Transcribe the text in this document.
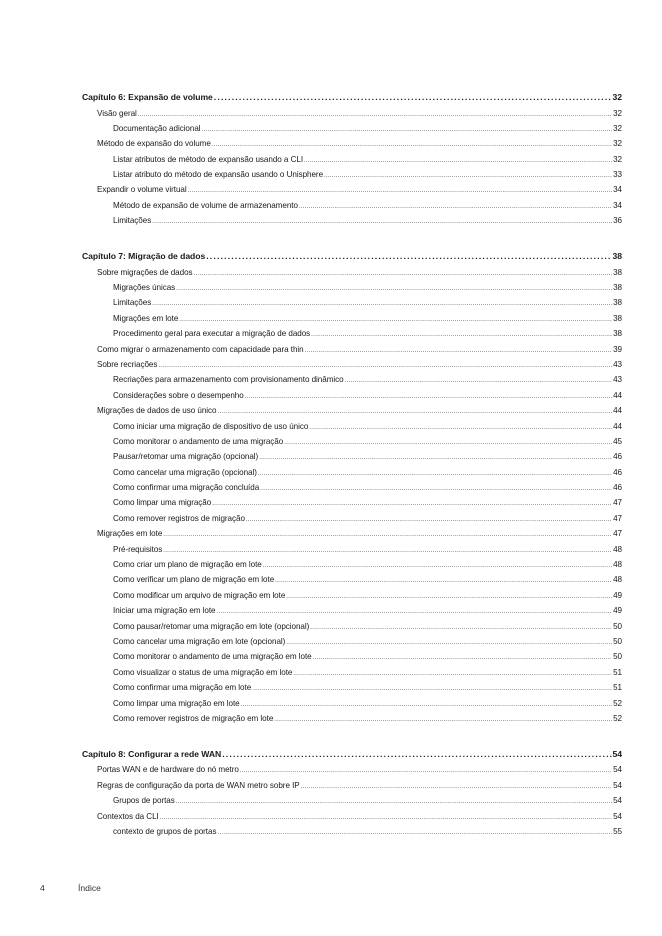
Capítulo 6: Expansão de volume .....	32
Visão geral .....	32
Documentação adicional .....	32
Método de expansão do volume .....	32
Listar atributos de método de expansão usando a CLI .....	32
Listar atributo do método de expansão usando o Unisphere .....	33
Expandir o volume virtual .....	34
Método de expansão de volume de armazenamento .....	34
Limitações .....	36
Capítulo 7: Migração de dados .....	38
Sobre migrações de dados .....	38
Migrações únicas .....	38
Limitações .....	38
Migrações em lote .....	38
Procedimento geral para executar a migração de dados .....	38
Como migrar o armazenamento com capacidade para thin .....	39
Sobre recriações .....	43
Recriações para armazenamento com provisionamento dinâmico .....	43
Considerações sobre o desempenho .....	44
Migrações de dados de uso único .....	44
Como iniciar uma migração de dispositivo de uso único .....	44
Como monitorar o andamento de uma migração .....	45
Pausar/retomar uma migração (opcional) .....	46
Como cancelar uma migração (opcional) .....	46
Como confirmar uma migração concluída .....	46
Como limpar uma migração .....	47
Como remover registros de migração .....	47
Migrações em lote .....	47
Pré-requisitos .....	48
Como criar um plano de migração em lote .....	48
Como verificar um plano de migração em lote .....	48
Como modificar um arquivo de migração em lote .....	49
Iniciar uma migração em lote .....	49
Como pausar/retomar uma migração em lote (opcional) .....	50
Como cancelar uma migração em lote (opcional) .....	50
Como monitorar o andamento de uma migração em lote .....	50
Como visualizar o status de uma migração em lote .....	51
Como confirmar uma migração em lote .....	51
Como limpar uma migração em lote .....	52
Como remover registros de migração em lote .....	52
Capítulo 8: Configurar a rede WAN .....	54
Portas WAN e de hardware do nó metro .....	54
Regras de configuração da porta de WAN metro sobre IP .....	54
Grupos de portas .....	54
Contextos da CLI .....	54
contexto de grupos de portas .....	55
4	Índice
